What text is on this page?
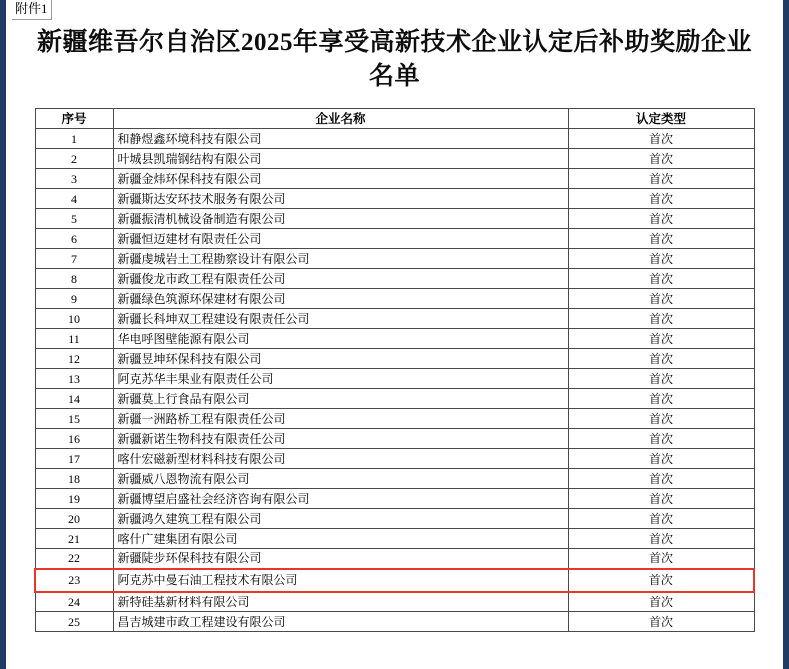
附件1
新疆维吾尔自治区2025年享受高新技术企业认定后补助奖励企业名单
序号	企业名称	认定类型
1	和静煜鑫环境科技有限公司	首次
2	叶城县凯瑞钢结构有限公司	首次
3	新疆金炜环保科技有限公司	首次
4	新疆斯达安环技术服务有限公司	首次
5	新疆振清机械设备制造有限公司	首次
6	新疆恒迈建材有限责任公司	首次
7	新疆虔城岩土工程勘察设计有限公司	首次
8	新疆俊龙市政工程有限责任公司	首次
9	新疆绿色筑源环保建材有限公司	首次
10	新疆长科坤双工程建设有限责任公司	首次
11	华电呼图壁能源有限公司	首次
12	新疆昱坤环保科技有限公司	首次
13	阿克苏华丰果业有限责任公司	首次
14	新疆莫上行食品有限公司	首次
15	新疆一洲路桥工程有限责任公司	首次
16	新疆新诺生物科技有限责任公司	首次
17	喀什宏磁新型材料科技有限公司	首次
18	新疆威八恩物流有限公司	首次
19	新疆博望启盛社会经济咨询有限公司	首次
20	新疆鸿久建筑工程有限公司	首次
21	喀什广建集团有限公司	首次
22	新疆陡步环保科技有限公司	首次
23	阿克苏中曼石油工程技术有限公司	首次
24	新特硅基新材料有限公司	首次
25	昌吉城建市政工程建设有限公司	首次
